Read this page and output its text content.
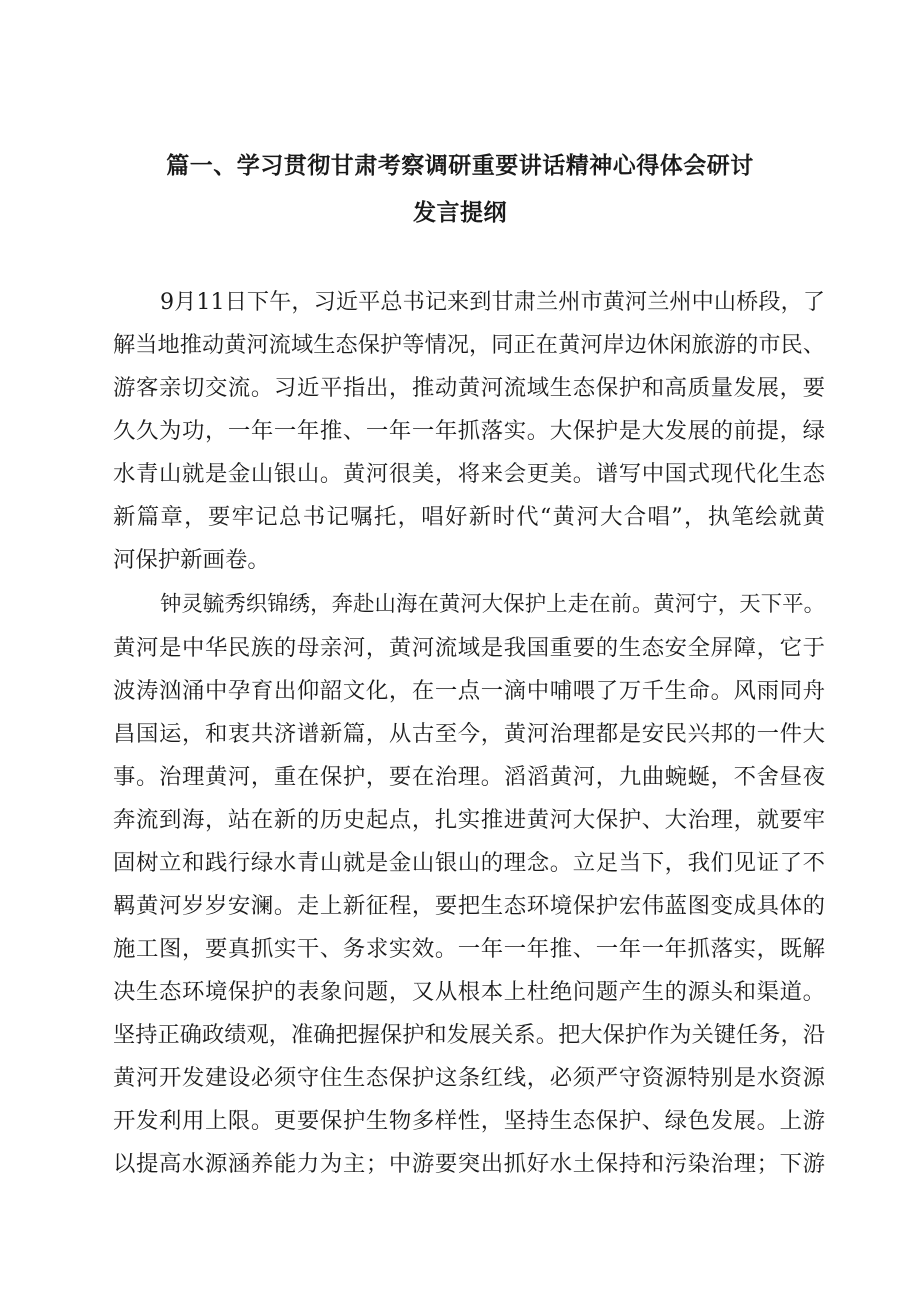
篇一、学习贯彻甘肃考察调研重要讲话精神心得体会研讨
发言提纲
9月11日下午，习近平总书记来到甘肃兰州市黄河兰州中山桥段，了
解当地推动黄河流域生态保护等情况，同正在黄河岸边休闲旅游的市民、
游客亲切交流。习近平指出，推动黄河流域生态保护和高质量发展，要
久久为功，一年一年推、一年一年抓落实。大保护是大发展的前提，绿
水青山就是金山银山。黄河很美，将来会更美。谱写中国式现代化生态
新篇章，要牢记总书记嘱托，唱好新时代“黄河大合唱”，执笔绘就黄
河保护新画卷。
钟灵毓秀织锦绣，奔赴山海在黄河大保护上走在前。黄河宁，天下平。
黄河是中华民族的母亲河，黄河流域是我国重要的生态安全屏障，它于
波涛汹涌中孕育出仰韶文化，在一点一滴中哺喂了万千生命。风雨同舟
昌国运，和衷共济谱新篇，从古至今，黄河治理都是安民兴邦的一件大
事。治理黄河，重在保护，要在治理。滔滔黄河，九曲蜿蜒，不舍昼夜
奔流到海，站在新的历史起点，扎实推进黄河大保护、大治理，就要牢
固树立和践行绿水青山就是金山银山的理念。立足当下，我们见证了不
羁黄河岁岁安澜。走上新征程，要把生态环境保护宏伟蓝图变成具体的
施工图，要真抓实干、务求实效。一年一年推、一年一年抓落实，既解
决生态环境保护的表象问题，又从根本上杜绝问题产生的源头和渠道。
坚持正确政绩观，准确把握保护和发展关系。把大保护作为关键任务，沿
黄河开发建设必须守住生态保护这条红线，必须严守资源特别是水资源
开发利用上限。更要保护生物多样性，坚持生态保护、绿色发展。上游
以提高水源涵养能力为主；中游要突出抓好水土保持和污染治理；下游
